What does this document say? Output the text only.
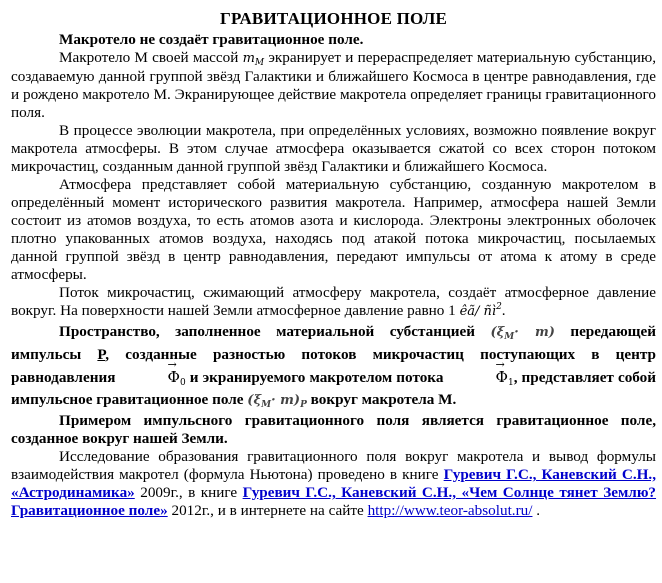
ГРАВИТАЦИОННОЕ ПОЛЕ

Макротело не создаёт гравитационное поле.

Макротело М своей массой $m_М$ экранирует и перераспределяет материальную субстанцию, создаваемую данной группой звёзд Галактики и ближайшего Космоса в центре равнодавления, где и рождено макротело М. Экранирующее действие макротела определяет границы гравитационного поля.

В процессе эволюции макротела, при определённых условиях, возможно появление вокруг макротела атмосферы. В этом случае атмосфера оказывается сжатой со всех сторон потоком микрочастиц, созданным данной группой звёзд Галактики и ближайшего Космоса.

Атмосфера представляет собой материальную субстанцию, созданную макротелом в определённый момент исторического развития макротела. Например, атмосфера нашей Земли состоит из атомов воздуха, то есть атомов азота и кислорода. Электроны электронных оболочек плотно упакованных атомов воздуха, находясь под атакой потока микрочастиц, посылаемых данной группой звёзд в центр равнодавления, передают импульсы от атома к атому в среде атмосферы.

Поток микрочастиц, сжимающий атмосферу макротела, создаёт атмосферное давление вокруг. На поверхности нашей Земли атмосферное давление равно 1 êã/ $ñì^2$.

Пространство, заполненное материальной субстанцией $(\xi_М\cdot m)$ передающей импульсы P, созданные разностью потоков микрочастиц поступающих в центр равнодавления	→ $\Phi_0$ и экранируемого макротелом потока	→ $\Phi_1$, представляет собой импульсное гравитационное поле $(\xi_М\cdot m)_P$ вокруг макротела М.

Примером импульсного гравитационного поля является гравитационное поле, созданное вокруг нашей Земли.

Исследование образования гравитационного поля вокруг макротела и вывод формулы взаимодействия макротел (формула Ньютона) проведено в книге Гуревич Г.С., Каневский С.Н., «Астродинамика» 2009г., в книге Гуревич Г.С., Каневский С.Н., «Чем Солнце тянет Землю? Гравитационное поле» 2012г., и в интернете на сайте http://www.teor-absolut.ru/ .
